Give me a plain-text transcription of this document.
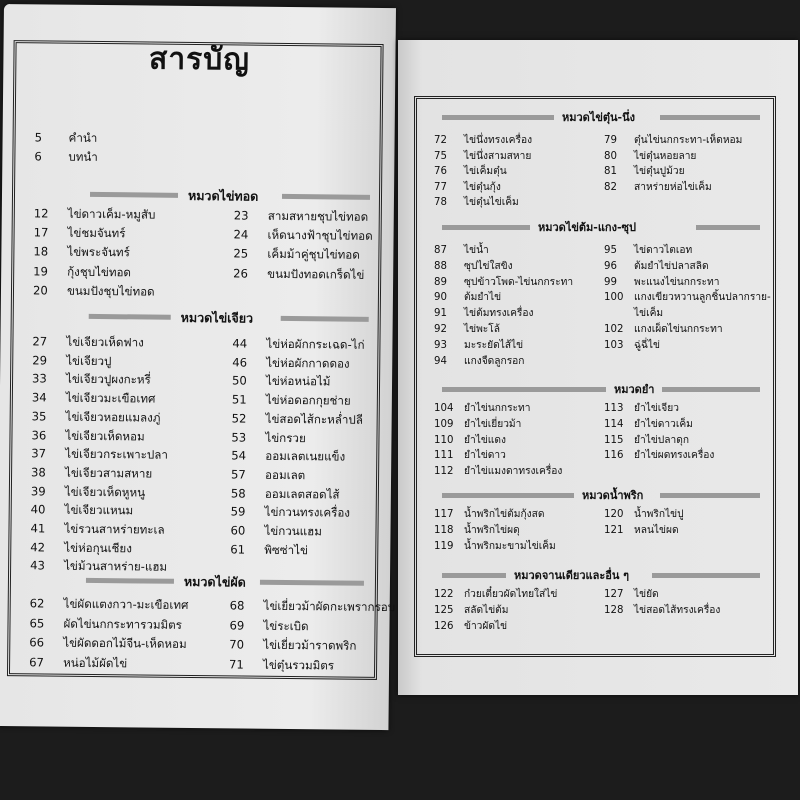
สารบัญ
5 คำนำ
6 บทนำ
หมวดไข่ทอด
12 ไข่ดาวเค็ม-หมูสับ
17 ไข่ชมจันทร์
18 ไข่พระจันทร์
19 กุ้งชุบไข่ทอด
20 ขนมปังชุบไข่ทอด
23 สามสหายชุบไข่ทอด
24 เห็ดนางฟ้าชุบไข่ทอด
25 เค็มม้าคู่ชุบไข่ทอด
26 ขนมปังทอดเกร็ดไข่
หมวดไข่เจียว
27 ไข่เจียวเห็ดฟาง
29 ไข่เจียวปู
33 ไข่เจียวปูผงกะหรี่
34 ไข่เจียวมะเขือเทศ
35 ไข่เจียวหอยแมลงภู่
36 ไข่เจียวเห็ดหอม
37 ไข่เจียวกระเพาะปลา
38 ไข่เจียวสามสหาย
39 ไข่เจียวเห็ดหูหนู
40 ไข่เจียวแหนม
41 ไข่รวนสาหร่ายทะเล
42 ไข่ห่อกุนเชียง
43 ไข่ม้วนสาหร่าย-แฮม
44 ไข่ห่อผักกระเฉด-ไก่
46 ไข่ห่อผักกาดดอง
50 ไข่ห่อหน่อไม้
51 ไข่ห่อดอกกุยช่าย
52 ไข่สอดไส้กะหล่ำปลี
53 ไข่กรวย
54 ออมเลตเนยแข็ง
57 ออมเลต
58 ออมเลตสอดไส้
59 ไข่กวนทรงเครื่อง
60 ไข่กวนแฮม
61 พิซซ่าไข่
หมวดไข่ผัด
62 ไข่ผัดแตงกวา-มะเขือเทศ
65 ผัดไข่นกกระทารวมมิตร
66 ไข่ผัดดอกไม้จีน-เห็ดหอม
67 หน่อไม้ผัดไข่
68 ไข่เยี่ยวม้าผัดกะเพรากรอบ
69 ไข่ระเบิด
70 ไข่เยี่ยวม้าราดพริก
71 ไข่ตุ๋นรวมมิตร
หมวดไข่ตุ๋น-นึ่ง
72 ไข่นึ่งทรงเครื่อง
75 ไข่นึ่งสามสหาย
76 ไข่เค็มตุ๋น
77 ไข่ตุ๋นกุ้ง
78 ไข่ตุ๋นไข่เค็ม
79 ตุ๋นไข่นกกระทา-เห็ดหอม
80 ไข่ตุ๋นหอยลาย
81 ไข่ตุ๋นปูม้วย
82 สาหร่ายห่อไข่เค็ม
หมวดไข่ต้ม-แกง-ซุป
87 ไข่น้ำ
88 ซุปไข่ใสขิง
89 ซุปข้าวโพด-ไข่นกกระทา
90 ต้มยำไข่
91 ไข่ต้มทรงเครื่อง
92 ไข่พะโล้
93 มะระยัดไส้ไข่
94 แกงจืดลูกรอก
95 ไข่ดาวไตเอท
96 ต้มยำไข่ปลาสลิด
99 พะแนงไข่นกกระทา
100 แกงเขียวหวานลูกชิ้นปลากราย-
ไข่เค็ม
102 แกงเผ็ดไข่นกกระทา
103 ฉู่ฉี่ไข่
หมวดยำ
104 ยำไข่นกกระทา
109 ยำไข่เยี่ยวม้า
110 ยำไข่แดง
111 ยำไข่ดาว
112 ยำไข่แมงดาทรงเครื่อง
113 ยำไข่เจียว
114 ยำไข่ดาวเค็ม
115 ยำไข่ปลาดุก
116 ยำไข่ผดทรงเครื่อง
หมวดน้ำพริก
117 น้ำพริกไข่ต้มกุ้งสด
118 น้ำพริกไข่ผดุ
119 น้ำพริกมะขามไข่เค็ม
120 น้ำพริกไข่ปู
121 หลนไข่ผด
หมวดจานเดียวและอื่น ๆ
122 ก๋วยเตี๋ยวผัดไทยใส่ไข่
125 สลัดไข่ต้ม
126 ข้าวผัดไข่
127 ไข่ยัด
128 ไข่สอดไส้ทรงเครื่อง
